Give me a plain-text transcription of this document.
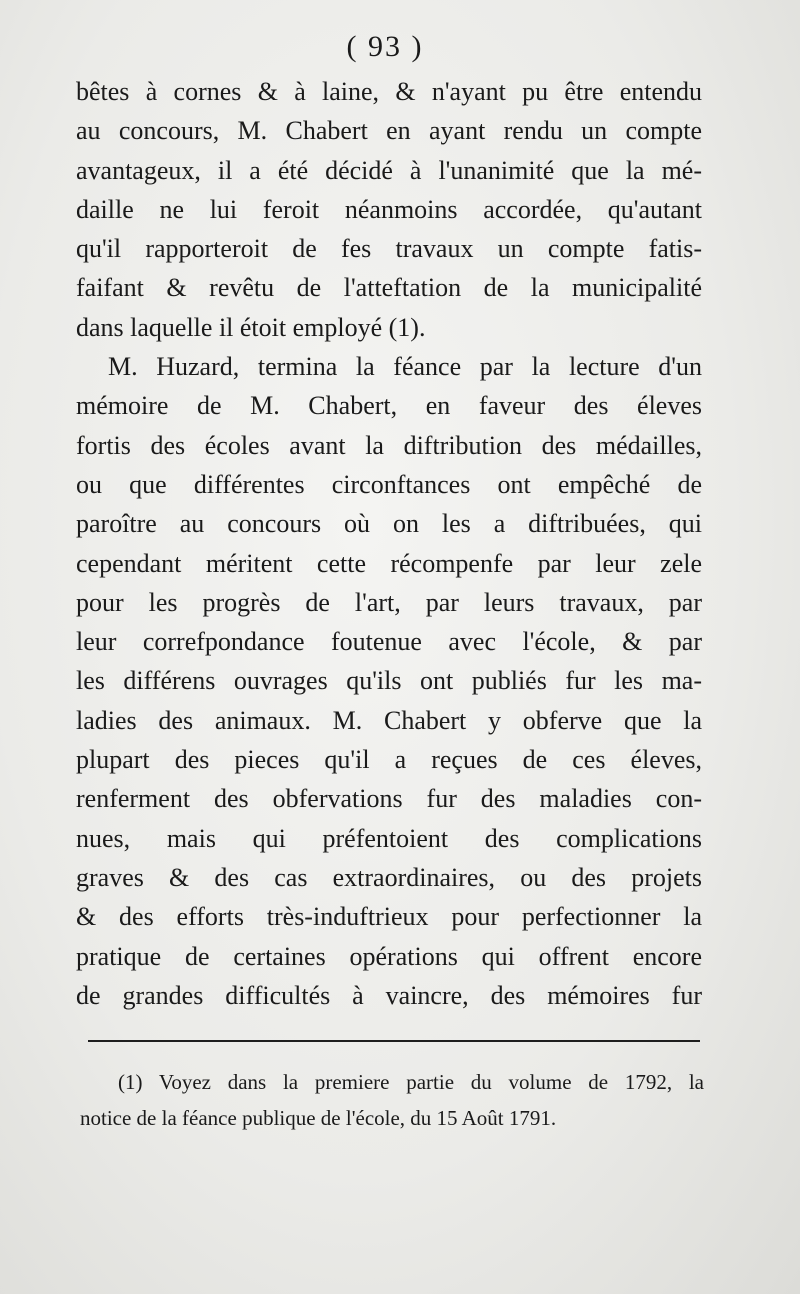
( 93 )
bêtes à cornes & à laine, & n'ayant pu être entendu
au concours, M. Chabert en ayant rendu un compte
avantageux, il a été décidé à l'unanimité que la mé-
daille ne lui feroit néanmoins accordée, qu'autant
qu'il rapporteroit de fes travaux un compte fatis-
faifant & revêtu de l'atteftation de la municipalité
dans laquelle il étoit employé (1).
M. Huzard, termina la féance par la lecture d'un
mémoire de M. Chabert, en faveur des éleves
fortis des écoles avant la diftribution des médailles,
ou que différentes circonftances ont empêché de
paroître au concours où on les a diftribuées, qui
cependant méritent cette récompenfe par leur zele
pour les progrès de l'art, par leurs travaux, par
leur correfpondance foutenue avec l'école, & par
les différens ouvrages qu'ils ont publiés fur les ma-
ladies des animaux. M. Chabert y obferve que la
plupart des pieces qu'il a reçues de ces éleves,
renferment des obfervations fur des maladies con-
nues, mais qui préfentoient des complications
graves & des cas extraordinaires, ou des projets
& des efforts très-induftrieux pour perfectionner la
pratique de certaines opérations qui offrent encore
de grandes difficultés à vaincre, des mémoires fur
(1) Voyez dans la premiere partie du volume de 1792, la
notice de la féance publique de l'école, du 15 Août 1791.
